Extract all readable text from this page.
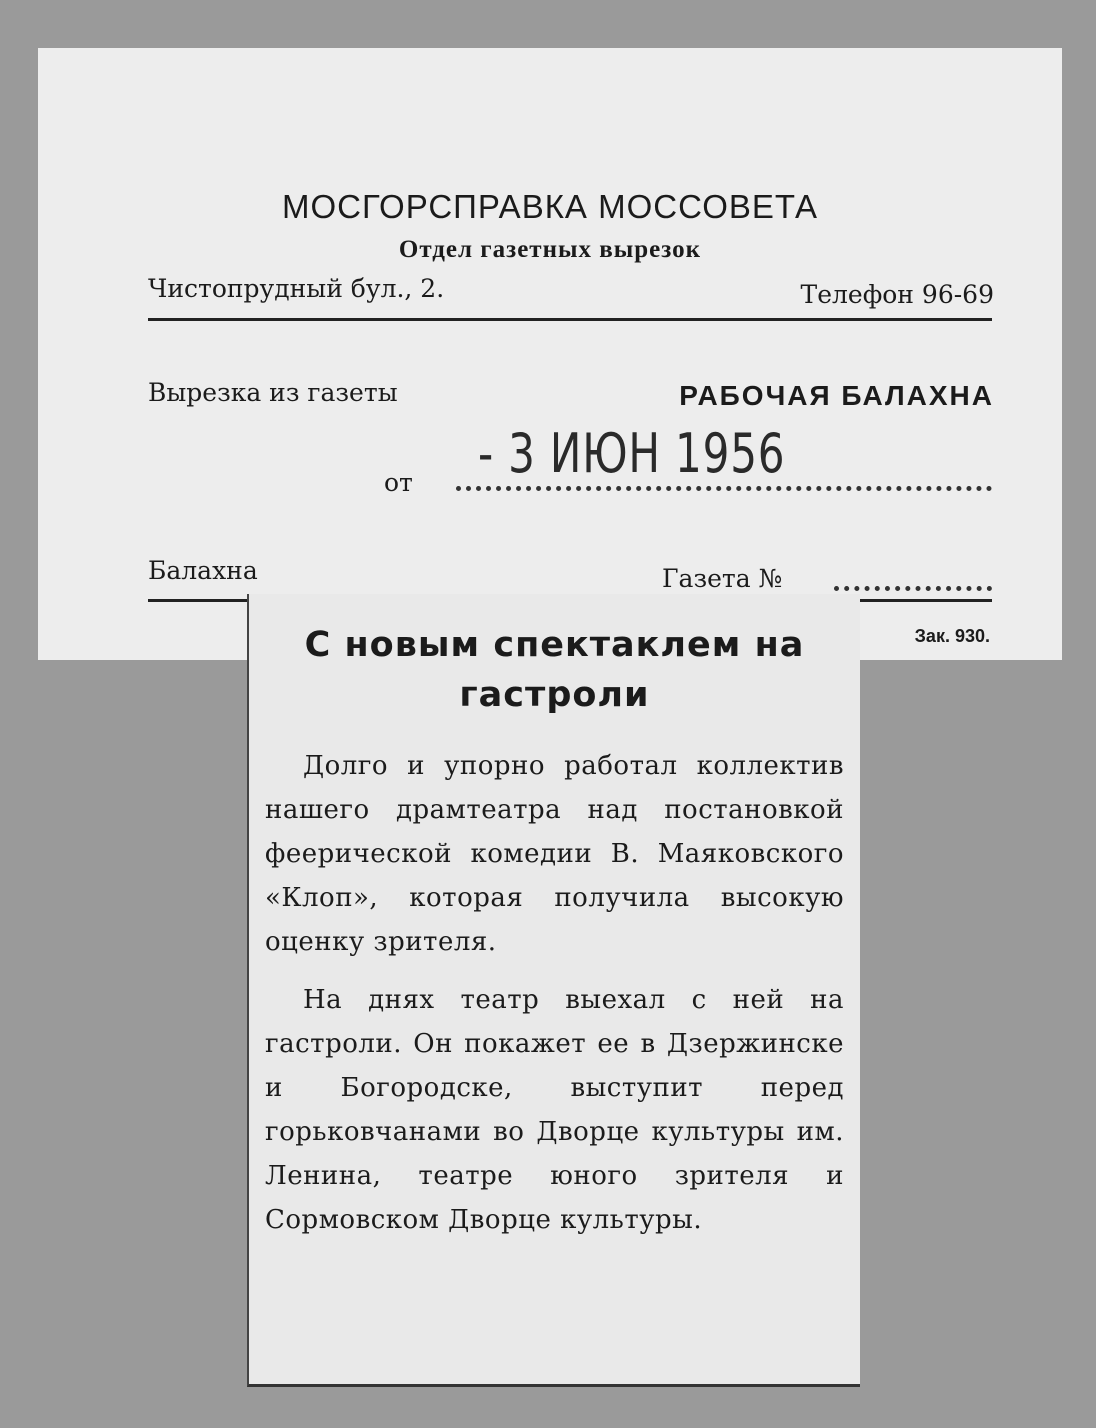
МОСГОРСПРАВКА МОССОВЕТА
Отдел газетных вырезок
Чистопрудный бул., 2.	Телефон 96-69
Вырезка из газеты	РАБОЧАЯ БАЛАХНА
- 3 ИЮН 1956
от
Балахна	Газета №
Зак. 930.
С новым спектаклем на гастроли

Долго и упорно работал коллектив нашего драмтеатра над постановкой феерической комедии В. Маяковского «Клоп», которая получила высокую оценку зрителя.

На днях театр выехал с ней на гастроли. Он покажет ее в Дзержинске и Богородске, выступит перед горьковчанами во Дворце культуры им. Ленина, театре юного зрителя и Сормовском Дворце культуры.
